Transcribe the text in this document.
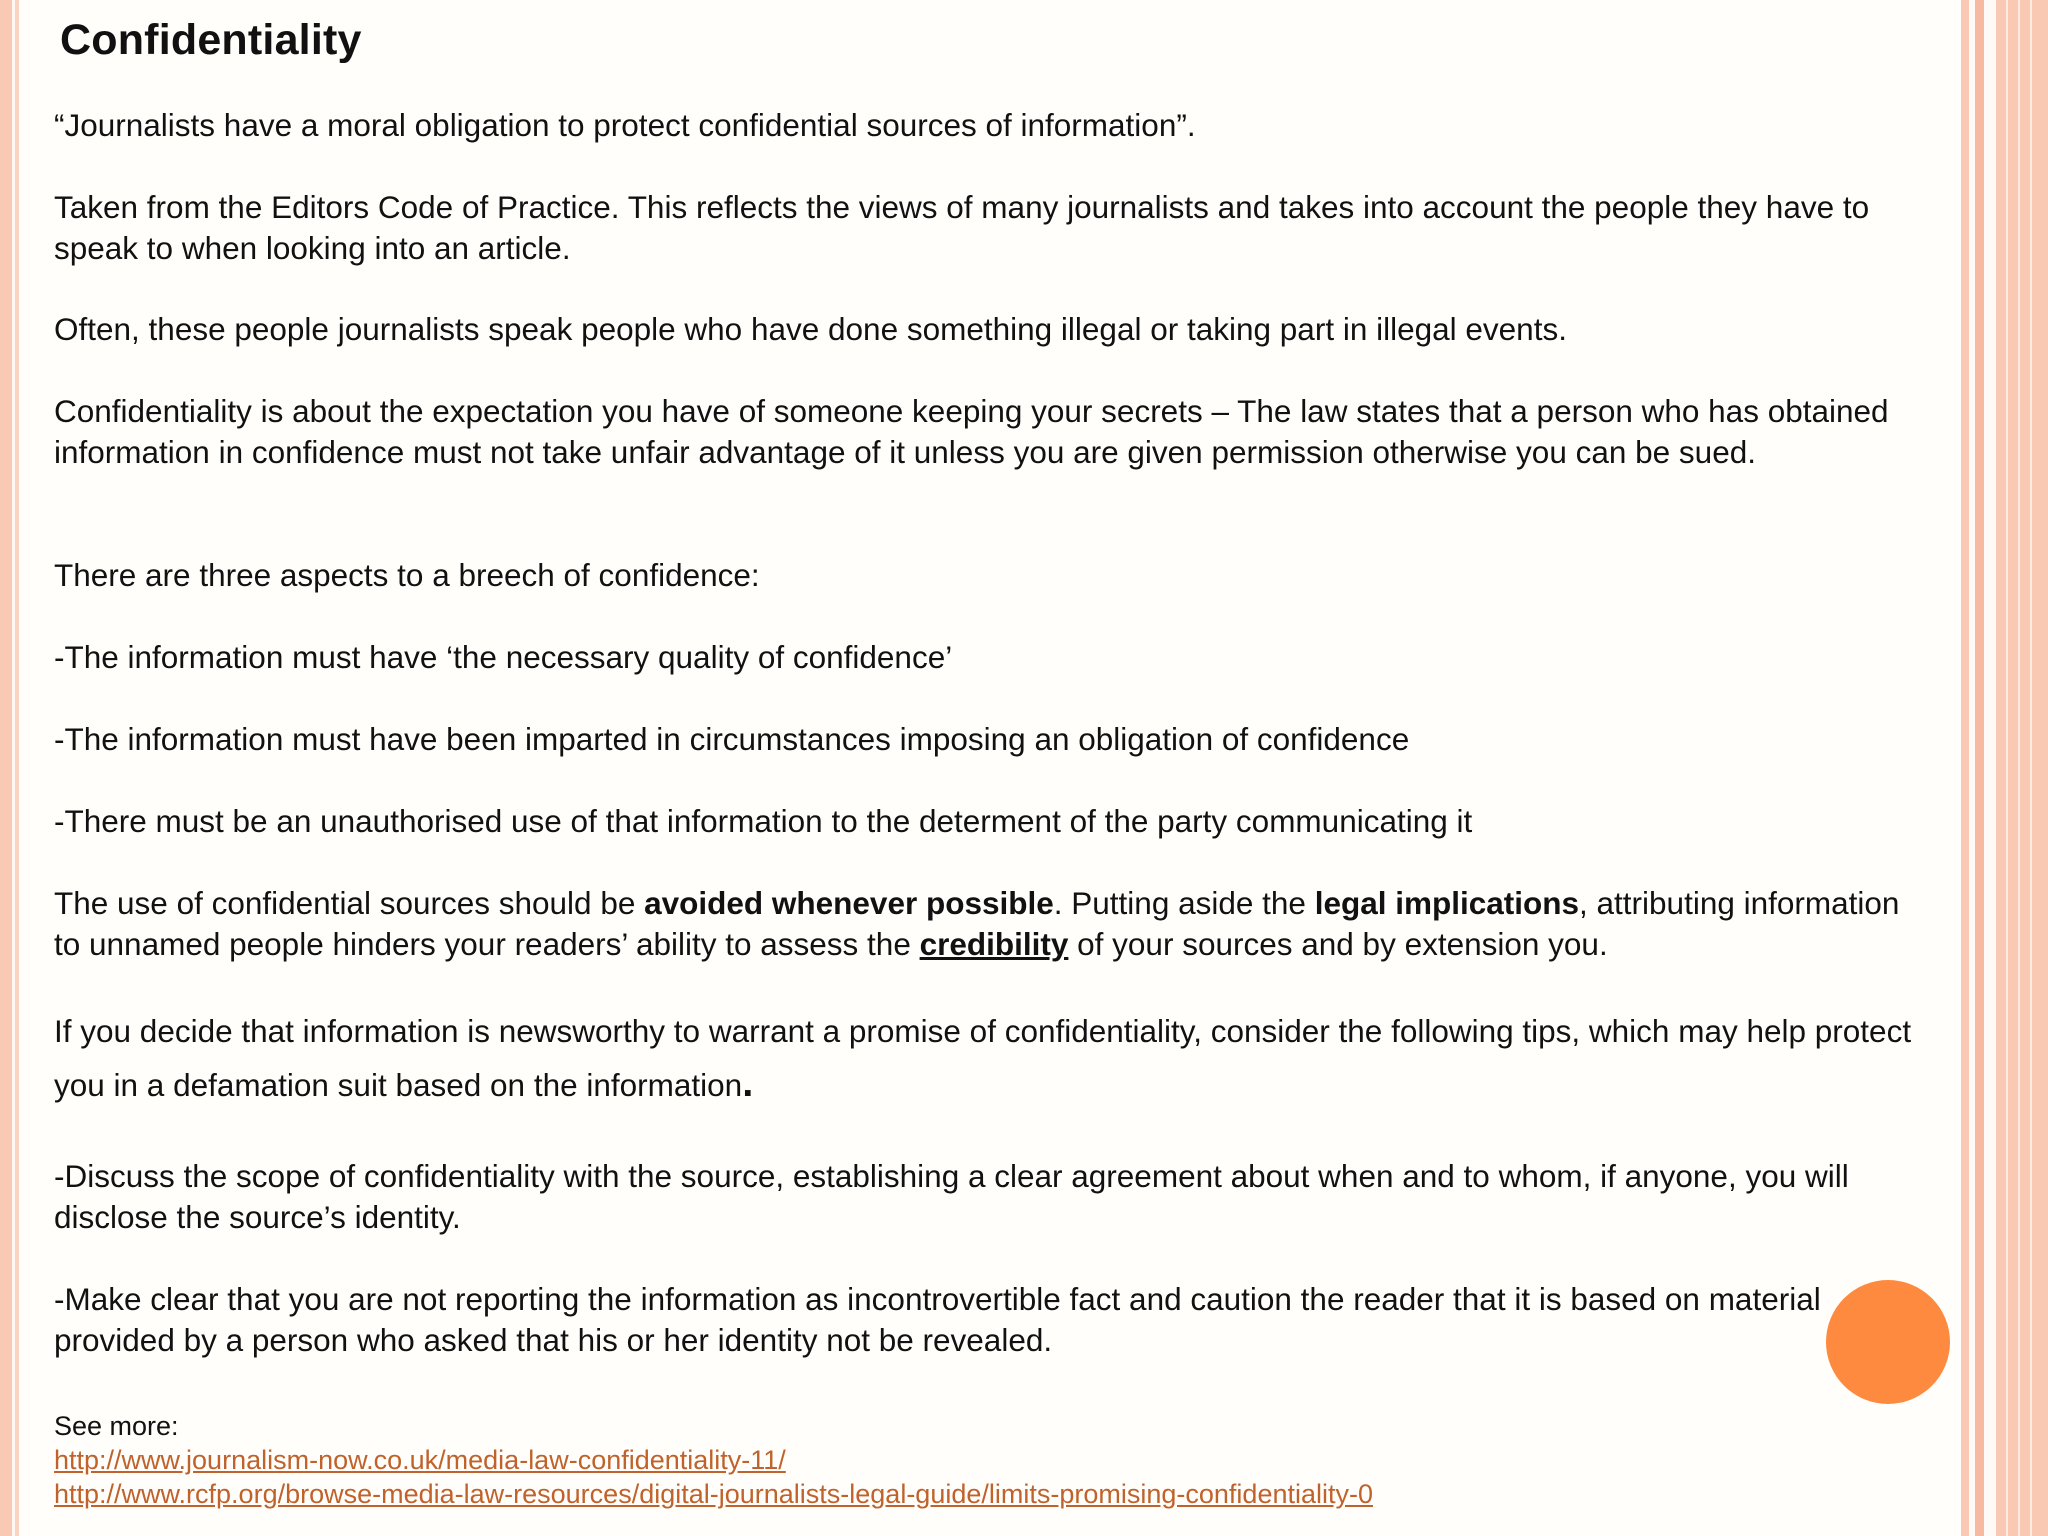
Confidentiality

“Journalists have a moral obligation to protect confidential sources of information”.

Taken from the Editors Code of Practice. This reflects the views of many journalists and takes into account the people they have to speak to when looking into an article.

Often, these people journalists speak people who have done something illegal or taking part in illegal events.

Confidentiality is about the expectation you have of someone keeping your secrets – The law states that a person who has obtained information in confidence must not take unfair advantage of it unless you are given permission otherwise you can be sued.

There are three aspects to a breech of confidence:

-The information must have ‘the necessary quality of confidence’

-The information must have been imparted in circumstances imposing an obligation of confidence

-There must be an unauthorised use of that information to the determent of the party communicating it

The use of confidential sources should be avoided whenever possible. Putting aside the legal implications, attributing information to unnamed people hinders your readers’ ability to assess the credibility of your sources and by extension you.

If you decide that information is newsworthy to warrant a promise of confidentiality, consider the following tips, which may help protect you in a defamation suit based on the information.

-Discuss the scope of confidentiality with the source, establishing a clear agreement about when and to whom, if anyone, you will disclose the source’s identity.

-Make clear that you are not reporting the information as incontrovertible fact and caution the reader that it is based on material provided by a person who asked that his or her identity not be revealed.

See more:

http://www.journalism-now.co.uk/media-law-confidentiality-11/
http://www.rcfp.org/browse-media-law-resources/digital-journalists-legal-guide/limits-promising-confidentiality-0
